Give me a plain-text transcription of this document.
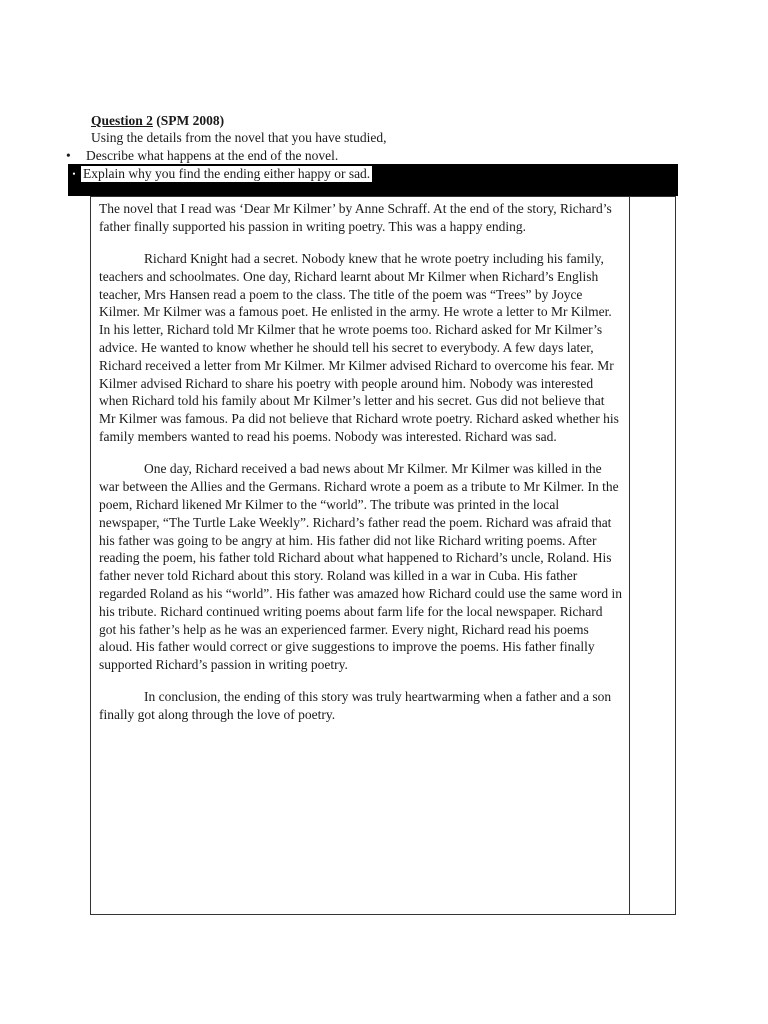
Question 2 (SPM 2008)
Using the details from the novel that you have studied,
• Describe what happens at the end of the novel.
• Explain why you find the ending either happy or sad.

The novel that I read was ‘Dear Mr Kilmer’ by Anne Schraff. At the end of the story, Richard’s father finally supported his passion in writing poetry. This was a happy ending.

Richard Knight had a secret. Nobody knew that he wrote poetry including his family, teachers and schoolmates. One day, Richard learnt about Mr Kilmer when Richard’s English teacher, Mrs Hansen read a poem to the class. The title of the poem was “Trees” by Joyce Kilmer. Mr Kilmer was a famous poet. He enlisted in the army. He wrote a letter to Mr Kilmer. In his letter, Richard told Mr Kilmer that he wrote poems too. Richard asked for Mr Kilmer’s advice. He wanted to know whether he should tell his secret to everybody. A few days later, Richard received a letter from Mr Kilmer. Mr Kilmer advised Richard to overcome his fear. Mr Kilmer advised Richard to share his poetry with people around him. Nobody was interested when Richard told his family about Mr Kilmer’s letter and his secret. Gus did not believe that Mr Kilmer was famous. Pa did not believe that Richard wrote poetry. Richard asked whether his family members wanted to read his poems. Nobody was interested. Richard was sad.

One day, Richard received a bad news about Mr Kilmer. Mr Kilmer was killed in the war between the Allies and the Germans. Richard wrote a poem as a tribute to Mr Kilmer. In the poem, Richard likened Mr Kilmer to the “world”. The tribute was printed in the local newspaper, “The Turtle Lake Weekly”. Richard’s father read the poem. Richard was afraid that his father was going to be angry at him. His father did not like Richard writing poems. After reading the poem, his father told Richard about what happened to Richard’s uncle, Roland. His father never told Richard about this story. Roland was killed in a war in Cuba. His father regarded Roland as his “world”. His father was amazed how Richard could use the same word in his tribute. Richard continued writing poems about farm life for the local newspaper. Richard got his father’s help as he was an experienced farmer. Every night, Richard read his poems aloud. His father would correct or give suggestions to improve the poems. His father finally supported Richard’s passion in writing poetry.

In conclusion, the ending of this story was truly heartwarming when a father and a son finally got along through the love of poetry.
